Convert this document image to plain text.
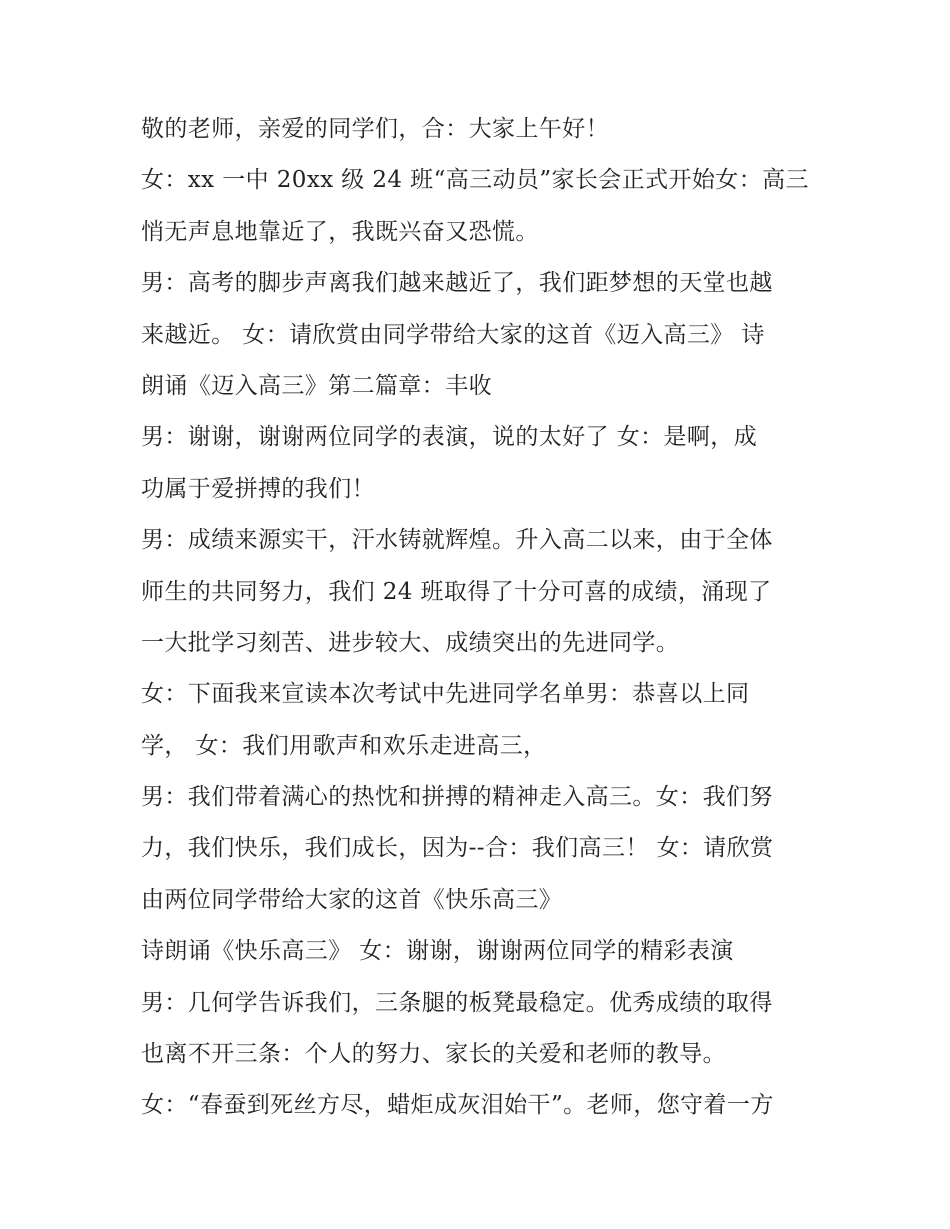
敬的老师，亲爱的同学们，合：大家上午好！
女：xx 一中 20xx 级 24 班“高三动员”家长会正式开始女：高三
悄无声息地靠近了，我既兴奋又恐慌。
男：高考的脚步声离我们越来越近了，我们距梦想的天堂也越
来越近。 女：请欣赏由同学带给大家的这首《迈入高三》 诗
朗诵《迈入高三》第二篇章：丰收
男：谢谢，谢谢两位同学的表演，说的太好了 女：是啊，成
功属于爱拼搏的我们！
男：成绩来源实干，汗水铸就辉煌。升入高二以来，由于全体
师生的共同努力，我们 24 班取得了十分可喜的成绩，涌现了
一大批学习刻苦、进步较大、成绩突出的先进同学。
女：下面我来宣读本次考试中先进同学名单男：恭喜以上同
学， 女：我们用歌声和欢乐走进高三，
男：我们带着满心的热忱和拼搏的精神走入高三。女：我们努
力，我们快乐，我们成长，因为--合：我们高三！ 女：请欣赏
由两位同学带给大家的这首《快乐高三》
诗朗诵《快乐高三》 女：谢谢，谢谢两位同学的精彩表演
男：几何学告诉我们，三条腿的板凳最稳定。优秀成绩的取得
也离不开三条：个人的努力、家长的关爱和老师的教导。
女：“春蚕到死丝方尽，蜡炬成灰泪始干”。老师，您守着一方
